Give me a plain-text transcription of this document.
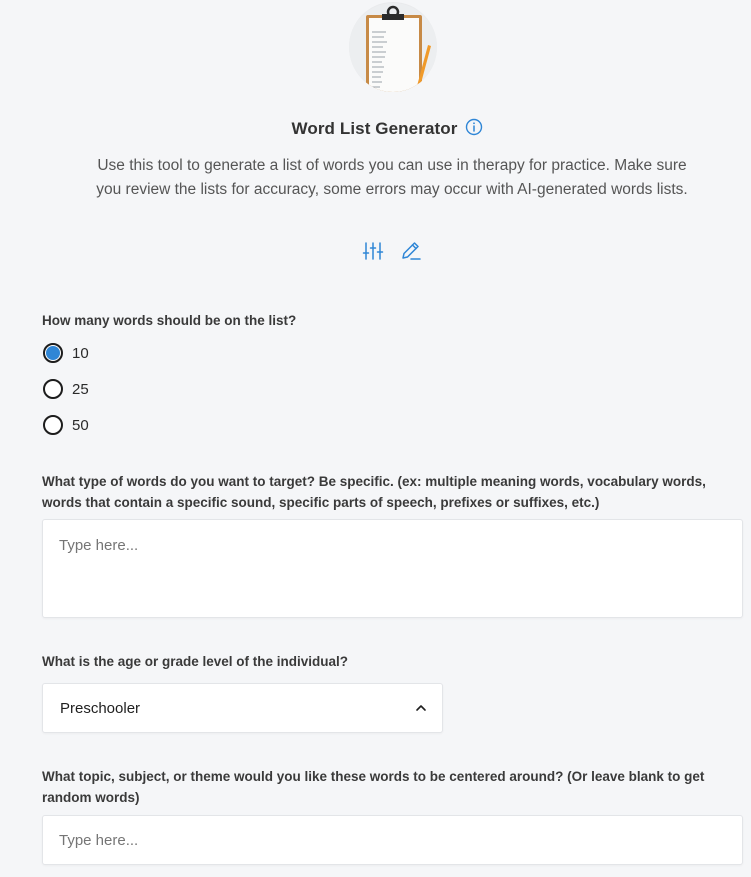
Word List Generator
Use this tool to generate a list of words you can use in therapy for practice. Make sure you review the lists for accuracy, some errors may occur with AI-generated words lists.
How many words should be on the list?
10
25
50
What type of words do you want to target? Be specific. (ex: multiple meaning words, vocabulary words, words that contain a specific sound, specific parts of speech, prefixes or suffixes, etc.)
Type here...
What is the age or grade level of the individual?
Preschooler
What topic, subject, or theme would you like these words to be centered around? (Or leave blank to get random words)
Type here...
